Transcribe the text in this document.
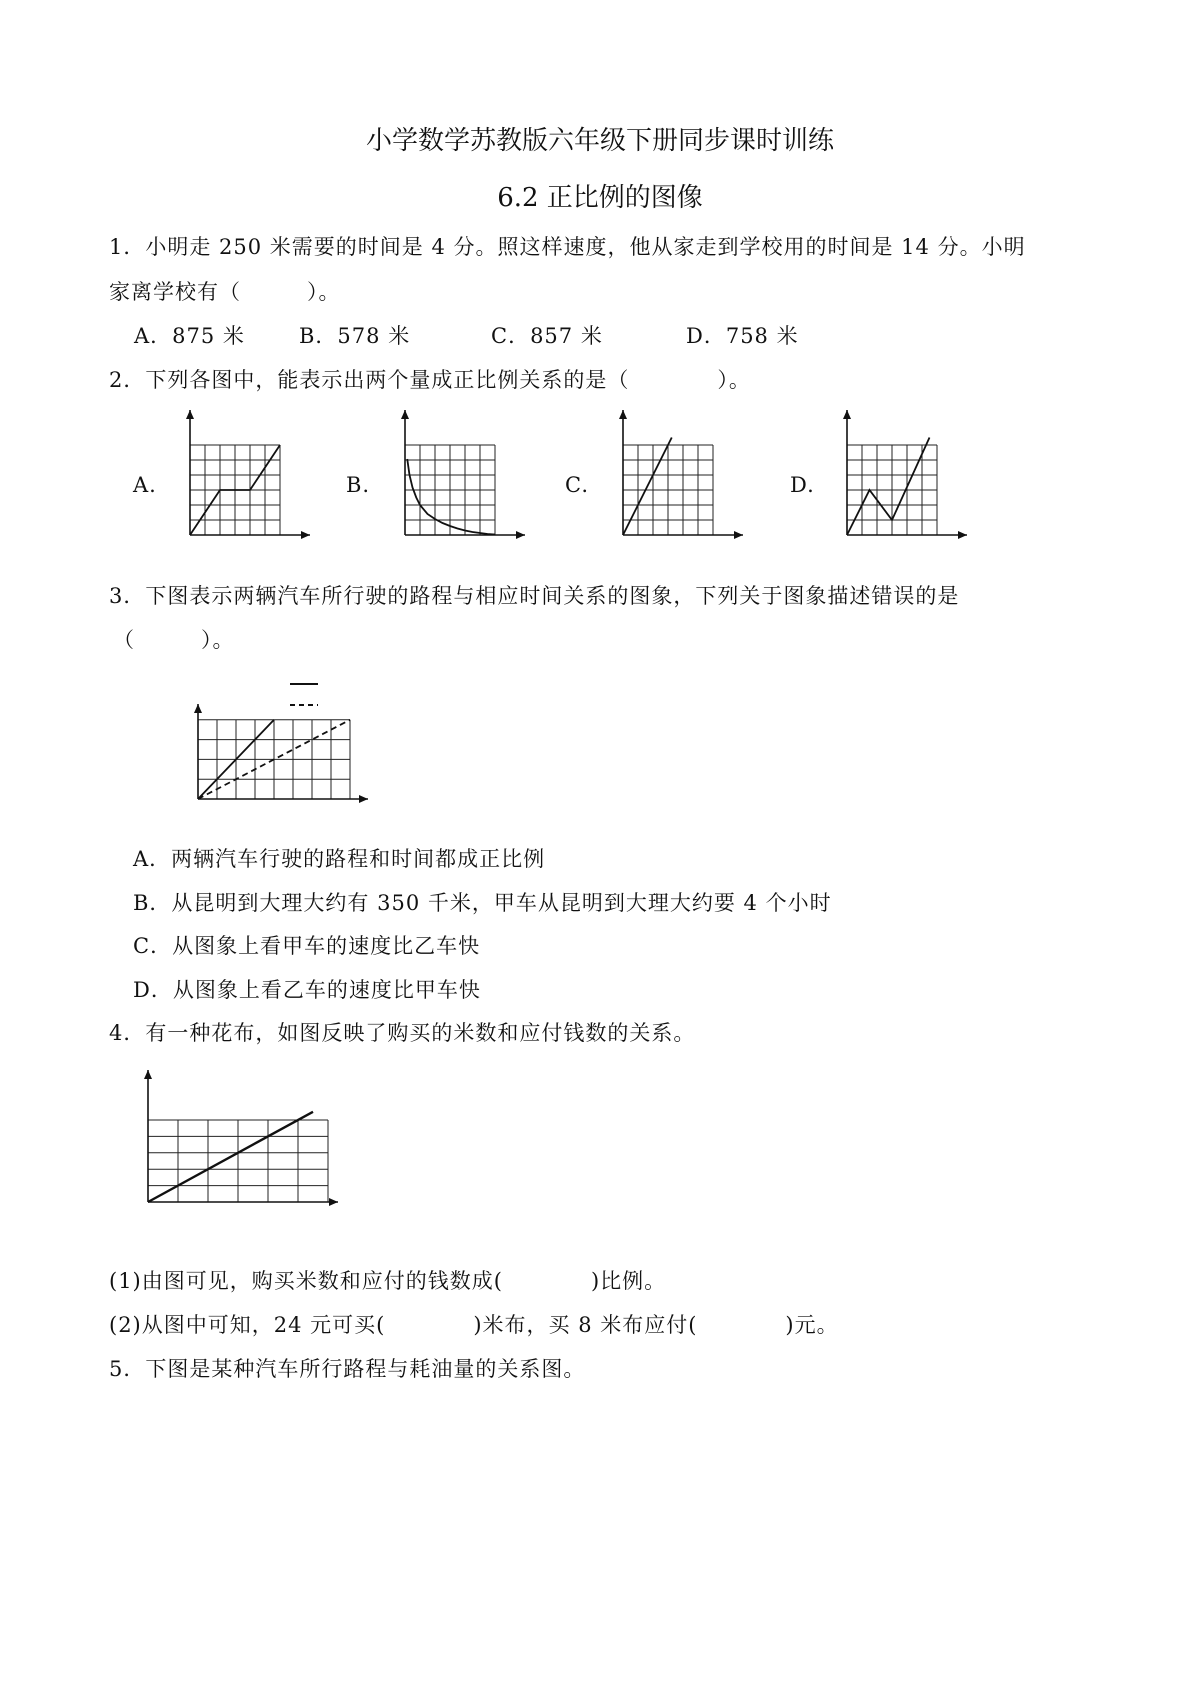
小学数学苏教版六年级下册同步课时训练
6.2 正比例的图像
1．小明走 250 米需要的时间是 4 分。照这样速度，他从家走到学校用的时间是 14 分。小明
家离学校有（　　　）。
A．875 米	B．578 米	C．857 米	D．758 米
2．下列各图中，能表示出两个量成正比例关系的是（　　　　）。
A.	B.	C.	D.
3．下图表示两辆汽车所行驶的路程与相应时间关系的图象，下列关于图象描述错误的是
（　　　）。
A．两辆汽车行驶的路程和时间都成正比例
B．从昆明到大理大约有 350 千米，甲车从昆明到大理大约要 4 个小时
C．从图象上看甲车的速度比乙车快
D．从图象上看乙车的速度比甲车快
4．有一种花布，如图反映了购买的米数和应付钱数的关系。
(1)由图可见，购买米数和应付的钱数成(　　　　)比例。
(2)从图中可知，24 元可买(　　　　)米布，买 8 米布应付(　　　　)元。
5．下图是某种汽车所行路程与耗油量的关系图。
